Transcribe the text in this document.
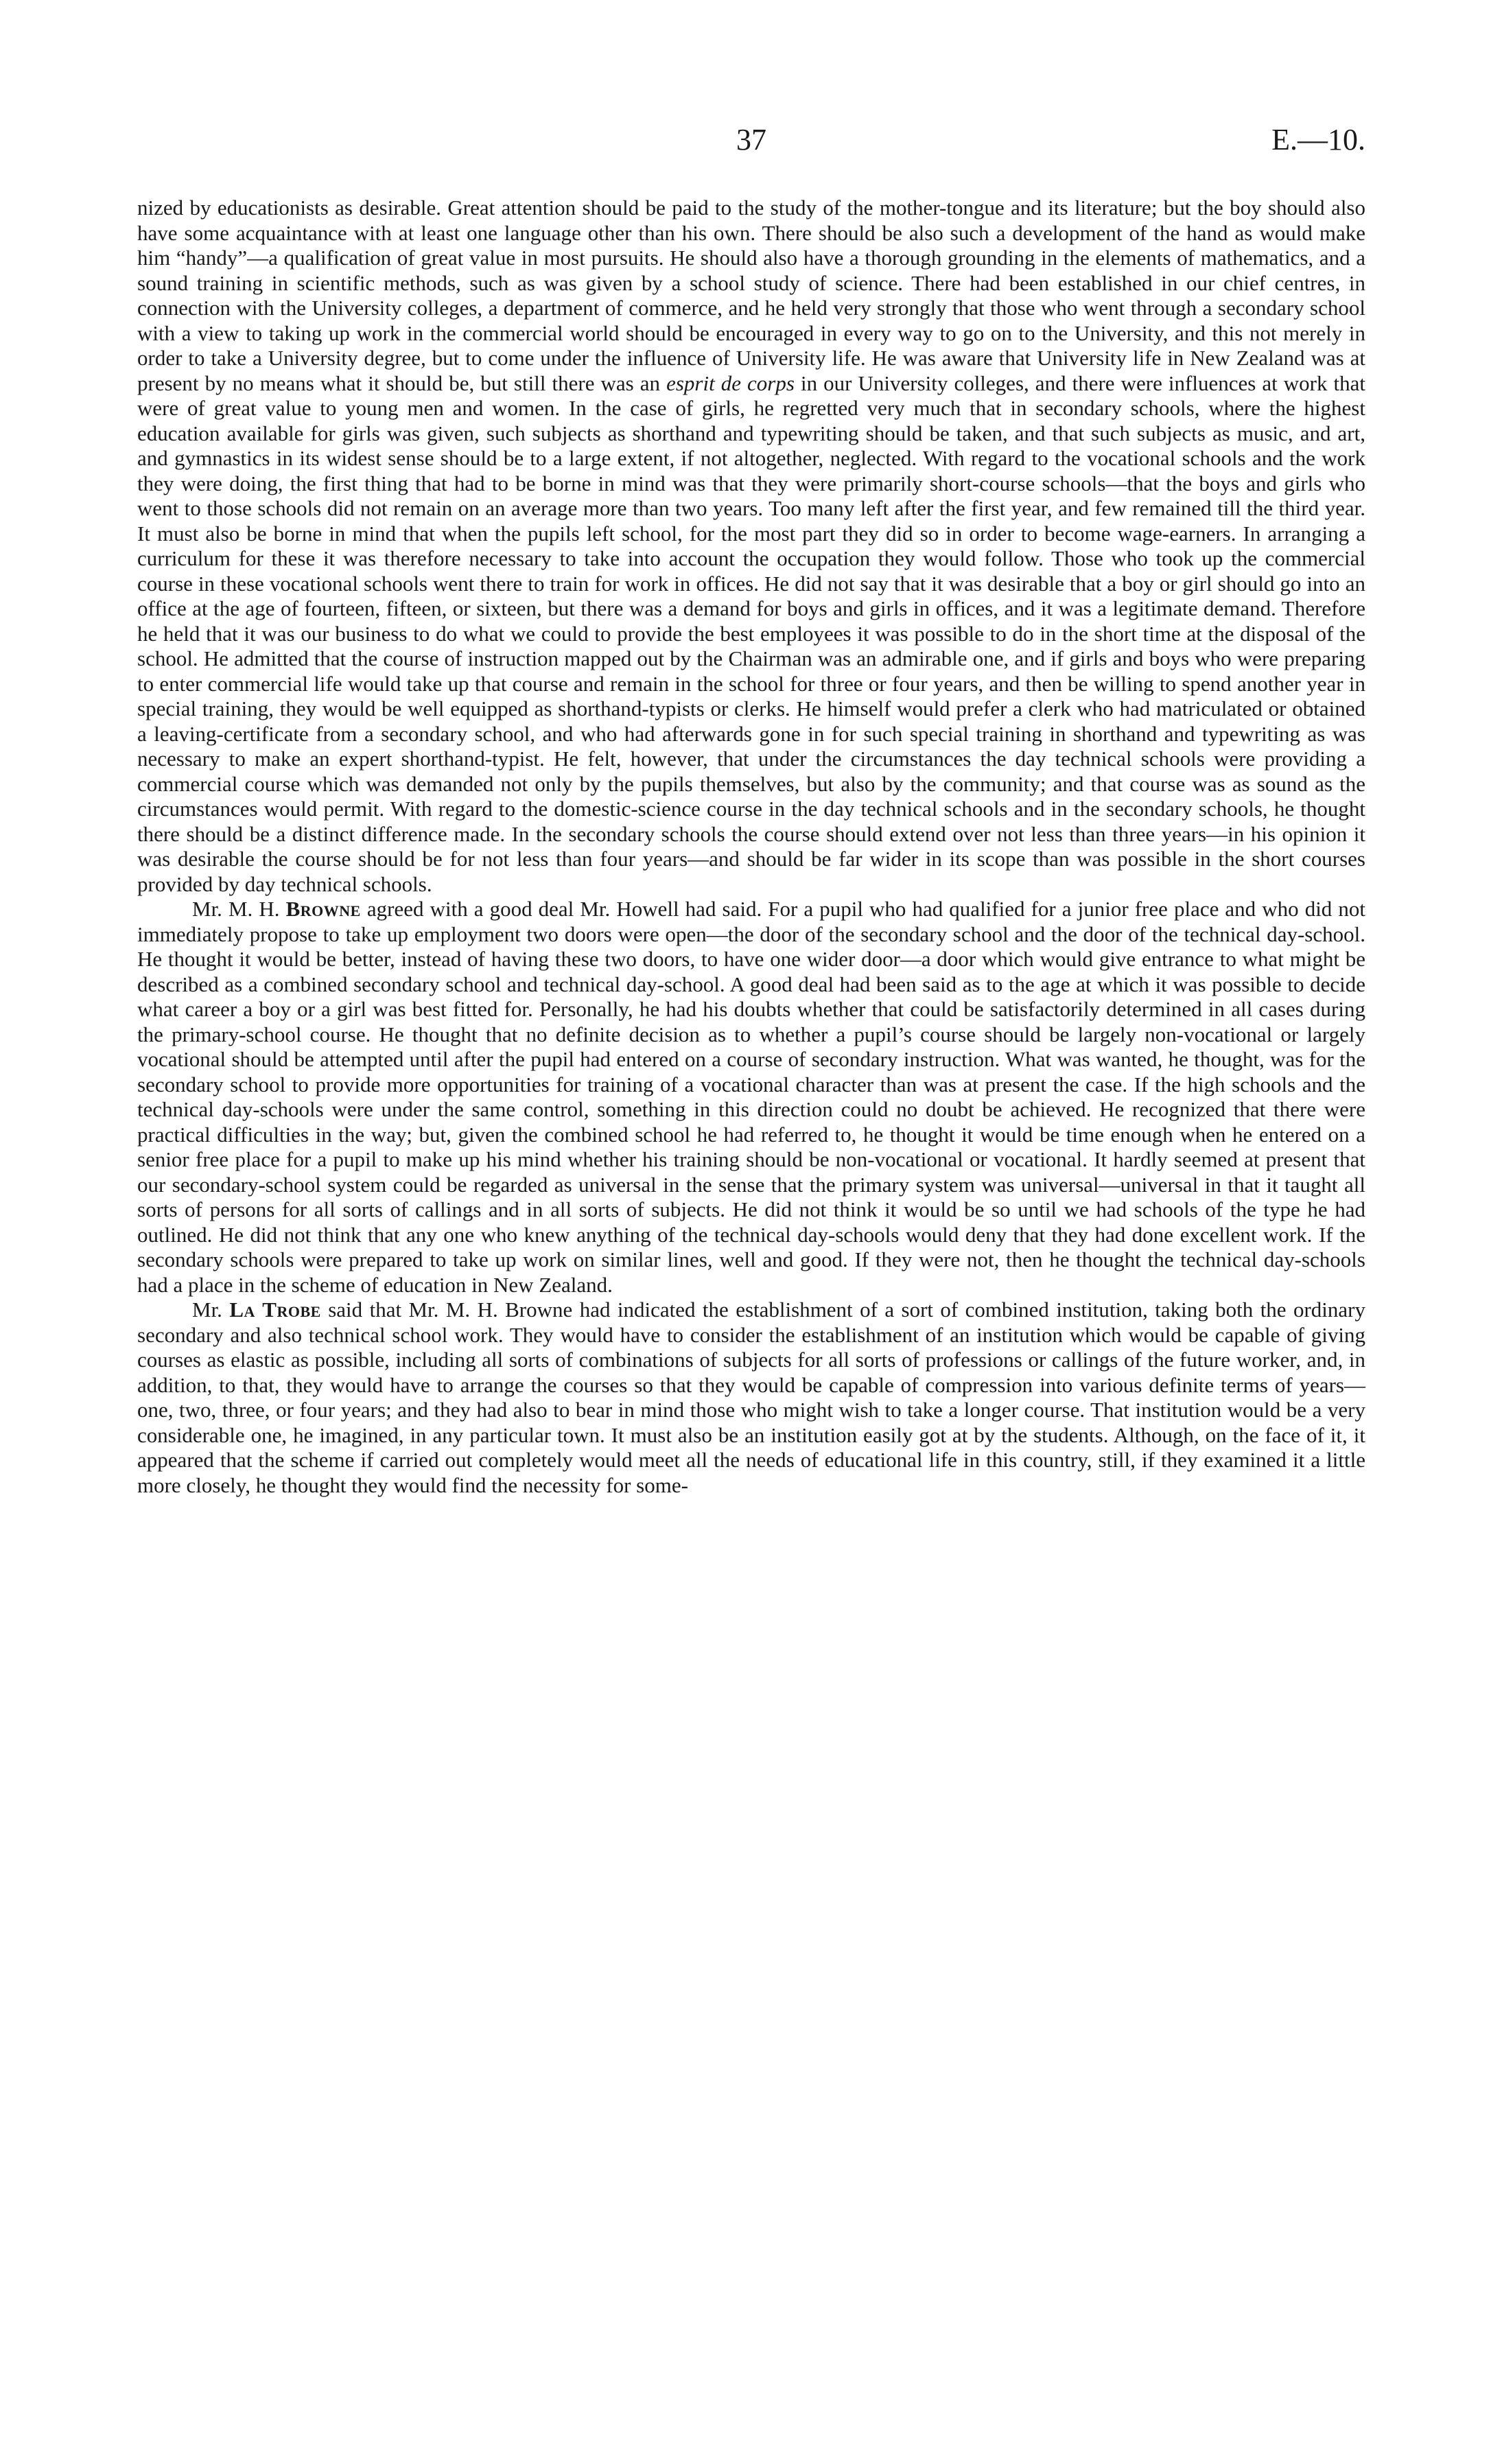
37	E.—10.

nized by educationists as desirable. Great attention should be paid to the study of the mother-tongue and its literature; but the boy should also have some acquaintance with at least one language other than his own. There should be also such a development of the hand as would make him “handy”—a qualification of great value in most pursuits. He should also have a thorough grounding in the elements of mathematics, and a sound training in scientific methods, such as was given by a school study of science. There had been established in our chief centres, in connection with the University colleges, a department of commerce, and he held very strongly that those who went through a secondary school with a view to taking up work in the commercial world should be encouraged in every way to go on to the University, and this not merely in order to take a University degree, but to come under the influence of University life. He was aware that University life in New Zealand was at present by no means what it should be, but still there was an esprit de corps in our University colleges, and there were influences at work that were of great value to young men and women. In the case of girls, he regretted very much that in secondary schools, where the highest education available for girls was given, such subjects as shorthand and typewriting should be taken, and that such subjects as music, and art, and gymnastics in its widest sense should be to a large extent, if not altogether, neglected. With regard to the vocational schools and the work they were doing, the first thing that had to be borne in mind was that they were primarily short-course schools—that the boys and girls who went to those schools did not remain on an average more than two years. Too many left after the first year, and few remained till the third year. It must also be borne in mind that when the pupils left school, for the most part they did so in order to become wage-earners. In arranging a curriculum for these it was therefore necessary to take into account the occupation they would follow. Those who took up the commercial course in these vocational schools went there to train for work in offices. He did not say that it was desirable that a boy or girl should go into an office at the age of fourteen, fifteen, or sixteen, but there was a demand for boys and girls in offices, and it was a legitimate demand. Therefore he held that it was our business to do what we could to provide the best employees it was possible to do in the short time at the disposal of the school. He admitted that the course of instruction mapped out by the Chairman was an admirable one, and if girls and boys who were preparing to enter commercial life would take up that course and remain in the school for three or four years, and then be willing to spend another year in special training, they would be well equipped as shorthand-typists or clerks. He himself would prefer a clerk who had matriculated or obtained a leaving-certificate from a secondary school, and who had afterwards gone in for such special training in shorthand and typewriting as was necessary to make an expert shorthand-typist. He felt, however, that under the circumstances the day technical schools were providing a commercial course which was demanded not only by the pupils themselves, but also by the community; and that course was as sound as the circumstances would permit. With regard to the domestic-science course in the day technical schools and in the secondary schools, he thought there should be a distinct difference made. In the secondary schools the course should extend over not less than three years—in his opinion it was desirable the course should be for not less than four years—and should be far wider in its scope than was possible in the short courses provided by day technical schools.

Mr. M. H. Browne agreed with a good deal Mr. Howell had said. For a pupil who had qualified for a junior free place and who did not immediately propose to take up employment two doors were open—the door of the secondary school and the door of the technical day-school. He thought it would be better, instead of having these two doors, to have one wider door—a door which would give entrance to what might be described as a combined secondary school and technical day-school. A good deal had been said as to the age at which it was possible to decide what career a boy or a girl was best fitted for. Personally, he had his doubts whether that could be satisfactorily determined in all cases during the primary-school course. He thought that no definite decision as to whether a pupil’s course should be largely non-vocational or largely vocational should be attempted until after the pupil had entered on a course of secondary instruction. What was wanted, he thought, was for the secondary school to provide more opportunities for training of a vocational character than was at present the case. If the high schools and the technical day-schools were under the same control, something in this direction could no doubt be achieved. He recognized that there were practical difficulties in the way; but, given the combined school he had referred to, he thought it would be time enough when he entered on a senior free place for a pupil to make up his mind whether his training should be non-vocational or vocational. It hardly seemed at present that our secondary-school system could be regarded as universal in the sense that the primary system was universal—universal in that it taught all sorts of persons for all sorts of callings and in all sorts of subjects. He did not think it would be so until we had schools of the type he had outlined. He did not think that any one who knew anything of the technical day-schools would deny that they had done excellent work. If the secondary schools were prepared to take up work on similar lines, well and good. If they were not, then he thought the technical day-schools had a place in the scheme of education in New Zealand.

Mr. La Trobe said that Mr. M. H. Browne had indicated the establishment of a sort of combined institution, taking both the ordinary secondary and also technical school work. They would have to consider the establishment of an institution which would be capable of giving courses as elastic as possible, including all sorts of combinations of subjects for all sorts of professions or callings of the future worker, and, in addition, to that, they would have to arrange the courses so that they would be capable of compression into various definite terms of years—one, two, three, or four years; and they had also to bear in mind those who might wish to take a longer course. That institution would be a very considerable one, he imagined, in any particular town. It must also be an institution easily got at by the students. Although, on the face of it, it appeared that the scheme if carried out completely would meet all the needs of educational life in this country, still, if they examined it a little more closely, he thought they would find the necessity for some-
